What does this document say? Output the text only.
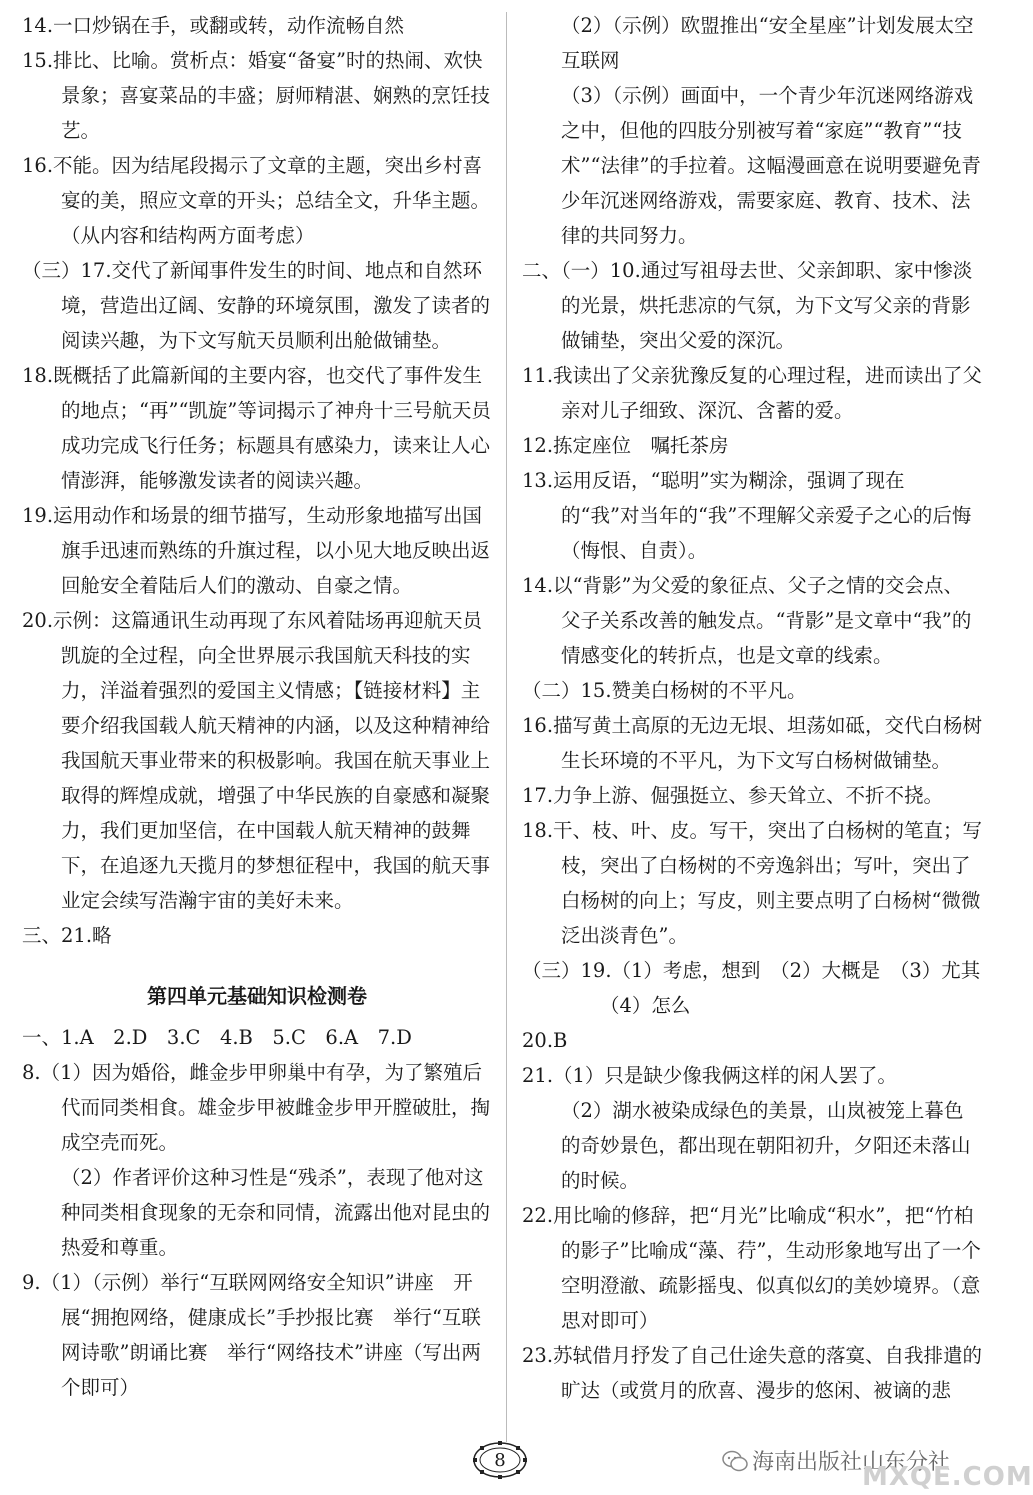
14.一口炒锅在手，或翻或转，动作流畅自然

15.排比、比喻。赏析点：婚宴“备宴”时的热闹、欢快景象；喜宴菜品的丰盛；厨师精湛、娴熟的烹饪技艺。

16.不能。因为结尾段揭示了文章的主题，突出乡村喜宴的美，照应文章的开头；总结全文，升华主题。（从内容和结构两方面考虑）

（三）17.交代了新闻事件发生的时间、地点和自然环境，营造出辽阔、安静的环境氛围，激发了读者的阅读兴趣，为下文写航天员顺利出舱做铺垫。

18.既概括了此篇新闻的主要内容，也交代了事件发生的地点；“再”“凯旋”等词揭示了神舟十三号航天员成功完成飞行任务；标题具有感染力，读来让人心情澎湃，能够激发读者的阅读兴趣。

19.运用动作和场景的细节描写，生动形象地描写出国旗手迅速而熟练的升旗过程，以小见大地反映出返回舱安全着陆后人们的激动、自豪之情。

20.示例：这篇通讯生动再现了东风着陆场再迎航天员凯旋的全过程，向全世界展示我国航天科技的实力，洋溢着强烈的爱国主义情感；【链接材料】主要介绍我国载人航天精神的内涵，以及这种精神给我国航天事业带来的积极影响。我国在航天事业上取得的辉煌成就，增强了中华民族的自豪感和凝聚力，我们更加坚信，在中国载人航天精神的鼓舞下，在追逐九天揽月的梦想征程中，我国的航天事业定会续写浩瀚宇宙的美好未来。

三、21.略

第四单元基础知识检测卷

一、1.A　2.D　3.C　4.B　5.C　6.A　7.D

8.（1）因为婚俗，雌金步甲卵巢中有孕，为了繁殖后代而同类相食。雄金步甲被雌金步甲开膛破肚，掏成空壳而死。

（2）作者评价这种习性是“残杀”，表现了他对这种同类相食现象的无奈和同情，流露出他对昆虫的热爱和尊重。

9.（1）（示例）举行“互联网网络安全知识”讲座　开展“拥抱网络，健康成长”手抄报比赛　举行“互联网诗歌”朗诵比赛　举行“网络技术”讲座（写出两个即可）

（2）（示例）欧盟推出“安全星座”计划发展太空互联网

（3）（示例）画面中，一个青少年沉迷网络游戏之中，但他的四肢分别被写着“家庭”“教育”“技术”“法律”的手拉着。这幅漫画意在说明要避免青少年沉迷网络游戏，需要家庭、教育、技术、法律的共同努力。

二、（一）10.通过写祖母去世、父亲卸职、家中惨淡的光景，烘托悲凉的气氛，为下文写父亲的背影做铺垫，突出父爱的深沉。

11.我读出了父亲犹豫反复的心理过程，进而读出了父亲对儿子细致、深沉、含蓄的爱。

12.拣定座位　嘱托茶房

13.运用反语，“聪明”实为糊涂，强调了现在的“我”对当年的“我”不理解父亲爱子之心的后悔（悔恨、自责）。

14.以“背影”为父爱的象征点、父子之情的交会点、父子关系改善的触发点。“背影”是文章中“我”的情感变化的转折点，也是文章的线索。

（二）15.赞美白杨树的不平凡。

16.描写黄土高原的无边无垠、坦荡如砥，交代白杨树生长环境的不平凡，为下文写白杨树做铺垫。

17.力争上游、倔强挺立、参天耸立、不折不挠。

18.干、枝、叶、皮。写干，突出了白杨树的笔直；写枝，突出了白杨树的不旁逸斜出；写叶，突出了白杨树的向上；写皮，则主要点明了白杨树“微微泛出淡青色”。

（三）19.（1）考虑，想到　（2）大概是　（3）尤其（4）怎么

20.B

21.（1）只是缺少像我俩这样的闲人罢了。

（2）湖水被染成绿色的美景，山岚被笼上暮色的奇妙景色，都出现在朝阳初升，夕阳还未落山的时候。

22.用比喻的修辞，把“月光”比喻成“积水”，把“竹柏的影子”比喻成“藻、荇”，生动形象地写出了一个空明澄澈、疏影摇曳、似真似幻的美妙境界。（意思对即可）

23.苏轼借月抒发了自己仕途失意的落寞、自我排遣的旷达（或赏月的欣喜、漫步的悠闲、被谪的悲

8	海南出版社山东分社
MXQE.COM
